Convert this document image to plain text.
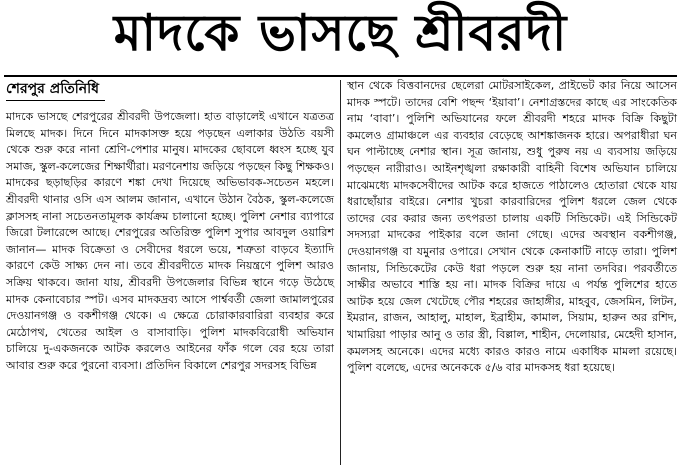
মাদকে ভাসছে শ্রীবরদী
শেরপুর প্রতিনিধি

মাদকে ভাসছে শেরপুরের শ্রীবরদী উপজেলা। হাত বাড়ালেই এখানে যত্রতত্র মিলছে মাদক। দিনে দিনে মাদকাসক্ত হয়ে পড়ছেন এলাকার উঠতি বয়সী থেকে শুরু করে নানা শ্রেণি-পেশার মানুষ। মাদকের ছোবলে ধ্বংস হচ্ছে যুব সমাজ, স্কুল-কলেজের শিক্ষার্থীরা। মরণনেশায় জড়িয়ে পড়ছেন কিছু শিক্ষকও। মাদকের ছড়াছড়ির কারণে শঙ্কা দেখা দিয়েছে অভিভাবক-সচেতন মহলে। শ্রীবরদী থানার ওসি এস আলম জানান, এখানে উঠান বৈঠক, স্কুল-কলেজে ক্লাসসহ নানা সচেতনতামূলক কার্যক্রম চালানো হচ্ছে। পুলিশ নেশার ব্যাপারে জিরো টলারেন্সে আছে। শেরপুরের অতিরিক্ত পুলিশ সুপার আবদুল ওয়ারিশ জানান— মাদক বিক্রেতা ও সেবীদের ধরলে ভয়ে, শত্রুতা বাড়বে ইত্যাদি কারণে কেউ সাক্ষ্য দেন না। তবে শ্রীবরদীতে মাদক নিয়ন্ত্রণে পুলিশ আরও সক্রিয় থাকবে। জানা যায়, শ্রীবরদী উপজেলার বিভিন্ন স্থানে গড়ে উঠেছে মাদক কেনাবেচার স্পট। এসব মাদকদ্রব্য আসে পার্শ্ববর্তী জেলা জামালপুরের দেওয়ানগঞ্জ ও বকশীগঞ্জ থেকে। এ ক্ষেত্রে চোরাকারবারিরা ব্যবহার করে মেঠোপথ, খেতের আইল ও বাসাবাড়ি। পুলিশ মাদকবিরোধী অভিযান চালিয়ে দু-একজনকে আটক করলেও আইনের ফাঁক গলে বের হয়ে তারা আবার শুরু করে পুরনো ব্যবসা। প্রতিদিন বিকালে শেরপুর সদরসহ বিভিন্ন

স্থান থেকে বিত্তবানদের ছেলেরা মোটরসাইকেল, প্রাইভেট কার নিয়ে আসেন মাদক স্পটে। তাদের বেশি পছন্দ ‘ইয়াবা’। নেশাগ্রস্তদের কাছে এর সাংকেতিক নাম ‘বাবা’। পুলিশি অভিযানের ফলে শ্রীবরদী শহরে মাদক বিক্রি কিছুটা কমলেও গ্রামাঞ্চলে এর ব্যবহার বেড়েছে আশঙ্কাজনক হারে। অপরাধীরা ঘন ঘন পাল্টাচ্ছে নেশার স্থান। সূত্র জানায়, শুধু পুরুষ নয় এ ব্যবসায় জড়িয়ে পড়ছেন নারীরাও। আইনশৃঙ্খলা রক্ষাকারী বাহিনী বিশেষ অভিযান চালিয়ে মাঝেমধ্যে মাদকসেবীদের আটক করে হাজতে পাঠালেও হোতারা থেকে যায় ধরাছোঁয়ার বাইরে। নেশার খুচরা কারবারিদের পুলিশ ধরলে জেল থেকে তাদের বের করার জন্য তৎপরতা চালায় একটি সিন্ডিকেট। এই সিন্ডিকেট সদস্যরা মাদকের পাইকার বলে জানা গেছে। এদের অবস্থান বকশীগঞ্জ, দেওয়ানগঞ্জ বা যমুনার ওপারে। সেখান থেকে কেনাকাটি নাড়ে তারা। পুলিশ জানায়, সিন্ডিকেটের কেউ ধরা পড়লে শুরু হয় নানা তদবির। পরবর্তীতে সাক্ষীর অভাবে শাস্তি হয় না। মাদক বিক্রির দায়ে এ পর্যন্ত পুলিশের হাতে আটক হয়ে জেল খেটেছে পৌর শহরের জাহাঙ্গীর, মাহবুব, জেসমিন, লিটন, ইমরান, রাজন, আহালু, মাহাল, ইব্রাহীম, কামাল, সিয়াম, হারুন অর রশিদ, খামারিয়া পাড়ার আনু ও তার স্ত্রী, বিল্লাল, শাহীন, দেলোয়ার, মেহেদী হাসান, কমলসহ অনেকে। এদের মধ্যে কারও কারও নামে একাধিক মামলা রয়েছে। পুলিশ বলেছে, এদের অনেককে ৫/৬ বার মাদকসহ ধরা হয়েছে।
